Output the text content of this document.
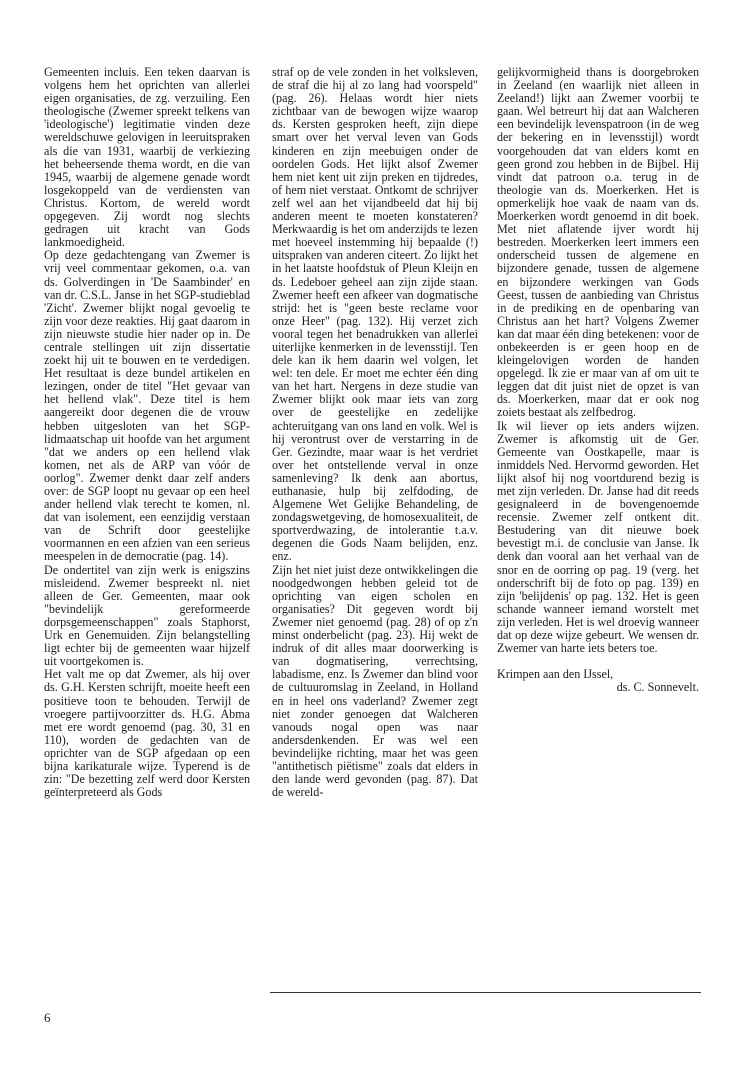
Gemeenten incluis. Een teken daarvan is volgens hem het oprichten van allerlei eigen organisaties, de zg. verzuiling. Een theologische (Zwemer spreekt telkens van 'ideologische') legitimatie vinden deze wereldschuwe gelovigen in leeruitspraken als die van 1931, waarbij de verkiezing het beheersende thema wordt, en die van 1945, waarbij de algemene genade wordt losgekoppeld van de verdiensten van Christus. Kortom, de wereld wordt opgegeven. Zij wordt nog slechts gedragen uit kracht van Gods lankmoedigheid.

Op deze gedachtengang van Zwemer is vrij veel commentaar gekomen, o.a. van ds. Golverdingen in 'De Saambinder' en van dr. C.S.L. Janse in het SGP-studieblad 'Zicht'. Zwemer blijkt nogal gevoelig te zijn voor deze reakties. Hij gaat daarom in zijn nieuwste studie hier nader op in. De centrale stellingen uit zijn dissertatie zoekt hij uit te bouwen en te verdedigen. Het resultaat is deze bundel artikelen en lezingen, onder de titel "Het gevaar van het hellend vlak". Deze titel is hem aangereikt door degenen die de vrouw hebben uitgesloten van het SGP-lidmaatschap uit hoofde van het argument "dat we anders op een hellend vlak komen, net als de ARP van vóór de oorlog". Zwemer denkt daar zelf anders over: de SGP loopt nu gevaar op een heel ander hellend vlak terecht te komen, nl. dat van isolement, een eenzijdig verstaan van de Schrift door geestelijke voormannen en een afzien van een serieus meespelen in de democratie (pag. 14).

De ondertitel van zijn werk is enigszins misleidend. Zwemer bespreekt nl. niet alleen de Ger. Gemeenten, maar ook "bevindelijk gereformeerde dorpsgemeenschappen" zoals Staphorst, Urk en Genemuiden. Zijn belangstelling ligt echter bij de gemeenten waar hijzelf uit voortgekomen is.

Het valt me op dat Zwemer, als hij over ds. G.H. Kersten schrijft, moeite heeft een positieve toon te behouden. Terwijl de vroegere partijvoorzitter ds. H.G. Abma met ere wordt genoemd (pag. 30, 31 en 110), worden de gedachten van de oprichter van de SGP afgedaan op een bijna karikaturale wijze. Typerend is de zin: "De bezetting zelf werd door Kersten geïnterpreteerd als Gods

straf op de vele zonden in het volksleven, de straf die hij al zo lang had voorspeld" (pag. 26). Helaas wordt hier niets zichtbaar van de bewogen wijze waarop ds. Kersten gesproken heeft, zijn diepe smart over het verval leven van Gods kinderen en zijn meebuigen onder de oordelen Gods. Het lijkt alsof Zwemer hem niet kent uit zijn preken en tijdredes, of hem niet verstaat. Ontkomt de schrijver zelf wel aan het vijandbeeld dat hij bij anderen meent te moeten konstateren? Merkwaardig is het om anderzijds te lezen met hoeveel instemming hij bepaalde (!) uitspraken van anderen citeert. Zo lijkt het in het laatste hoofdstuk of Pleun Kleijn en ds. Ledeboer geheel aan zijn zijde staan. Zwemer heeft een afkeer van dogmatische strijd: het is "geen beste reclame voor onze Heer" (pag. 132). Hij verzet zich vooral tegen het benadrukken van allerlei uiterlijke kenmerken in de levensstijl. Ten dele kan ik hem daarin wel volgen, let wel: ten dele. Er moet me echter één ding van het hart. Nergens in deze studie van Zwemer blijkt ook maar iets van zorg over de geestelijke en zedelijke achteruitgang van ons land en volk. Wel is hij verontrust over de verstarring in de Ger. Gezindte, maar waar is het verdriet over het ontstellende verval in onze samenleving? Ik denk aan abortus, euthanasie, hulp bij zelfdoding, de Algemene Wet Gelijke Behandeling, de zondagswetgeving, de homosexualiteit, de sportverdwazing, de intolerantie t.a.v. degenen die Gods Naam belijden, enz. enz.

Zijn het niet juist deze ontwikkelingen die noodgedwongen hebben geleid tot de oprichting van eigen scholen en organisaties? Dit gegeven wordt bij Zwemer niet genoemd (pag. 28) of op z'n minst onderbelicht (pag. 23). Hij wekt de indruk of dit alles maar doorwerking is van dogmatisering, verrechtsing, labadisme, enz. Is Zwemer dan blind voor de cultuuromslag in Zeeland, in Holland en in heel ons vaderland? Zwemer zegt niet zonder genoegen dat Walcheren vanouds nogal open was naar andersdenkenden. Er was wel een bevindelijke richting, maar het was geen "antithetisch piëtisme" zoals dat elders in den lande werd gevonden (pag. 87). Dat de wereld-

gelijkvormigheid thans is doorgebroken in Zeeland (en waarlijk niet alleen in Zeeland!) lijkt aan Zwemer voorbij te gaan. Wel betreurt hij dat aan Walcheren een bevindelijk levenspatroon (in de weg der bekering en in levensstijl) wordt voorgehouden dat van elders komt en geen grond zou hebben in de Bijbel. Hij vindt dat patroon o.a. terug in de theologie van ds. Moerkerken. Het is opmerkelijk hoe vaak de naam van ds. Moerkerken wordt genoemd in dit boek. Met niet aflatende ijver wordt hij bestreden. Moerkerken leert immers een onderscheid tussen de algemene en bijzondere genade, tussen de algemene en bijzondere werkingen van Gods Geest, tussen de aanbieding van Christus in de prediking en de openbaring van Christus aan het hart? Volgens Zwemer kan dat maar één ding betekenen: voor de onbekeerden is er geen hoop en de kleingelovigen worden de handen opgelegd. Ik zie er maar van af om uit te leggen dat dit juist niet de opzet is van ds. Moerkerken, maar dat er ook nog zoiets bestaat als zelfbedrog.

Ik wil liever op iets anders wijzen. Zwemer is afkomstig uit de Ger. Gemeente van Oostkapelle, maar is inmiddels Ned. Hervormd geworden. Het lijkt alsof hij nog voortdurend bezig is met zijn verleden. Dr. Janse had dit reeds gesignaleerd in de bovengenoemde recensie. Zwemer zelf ontkent dit. Bestudering van dit nieuwe boek bevestigt m.i. de conclusie van Janse. Ik denk dan vooral aan het verhaal van de snor en de oorring op pag. 19 (verg. het onderschrift bij de foto op pag. 139) en zijn 'belijdenis' op pag. 132. Het is geen schande wanneer iemand worstelt met zijn verleden. Het is wel droevig wanneer dat op deze wijze gebeurt. We wensen dr. Zwemer van harte iets beters toe.

Krimpen aan den IJssel,

ds. C. Sonnevelt.

6
